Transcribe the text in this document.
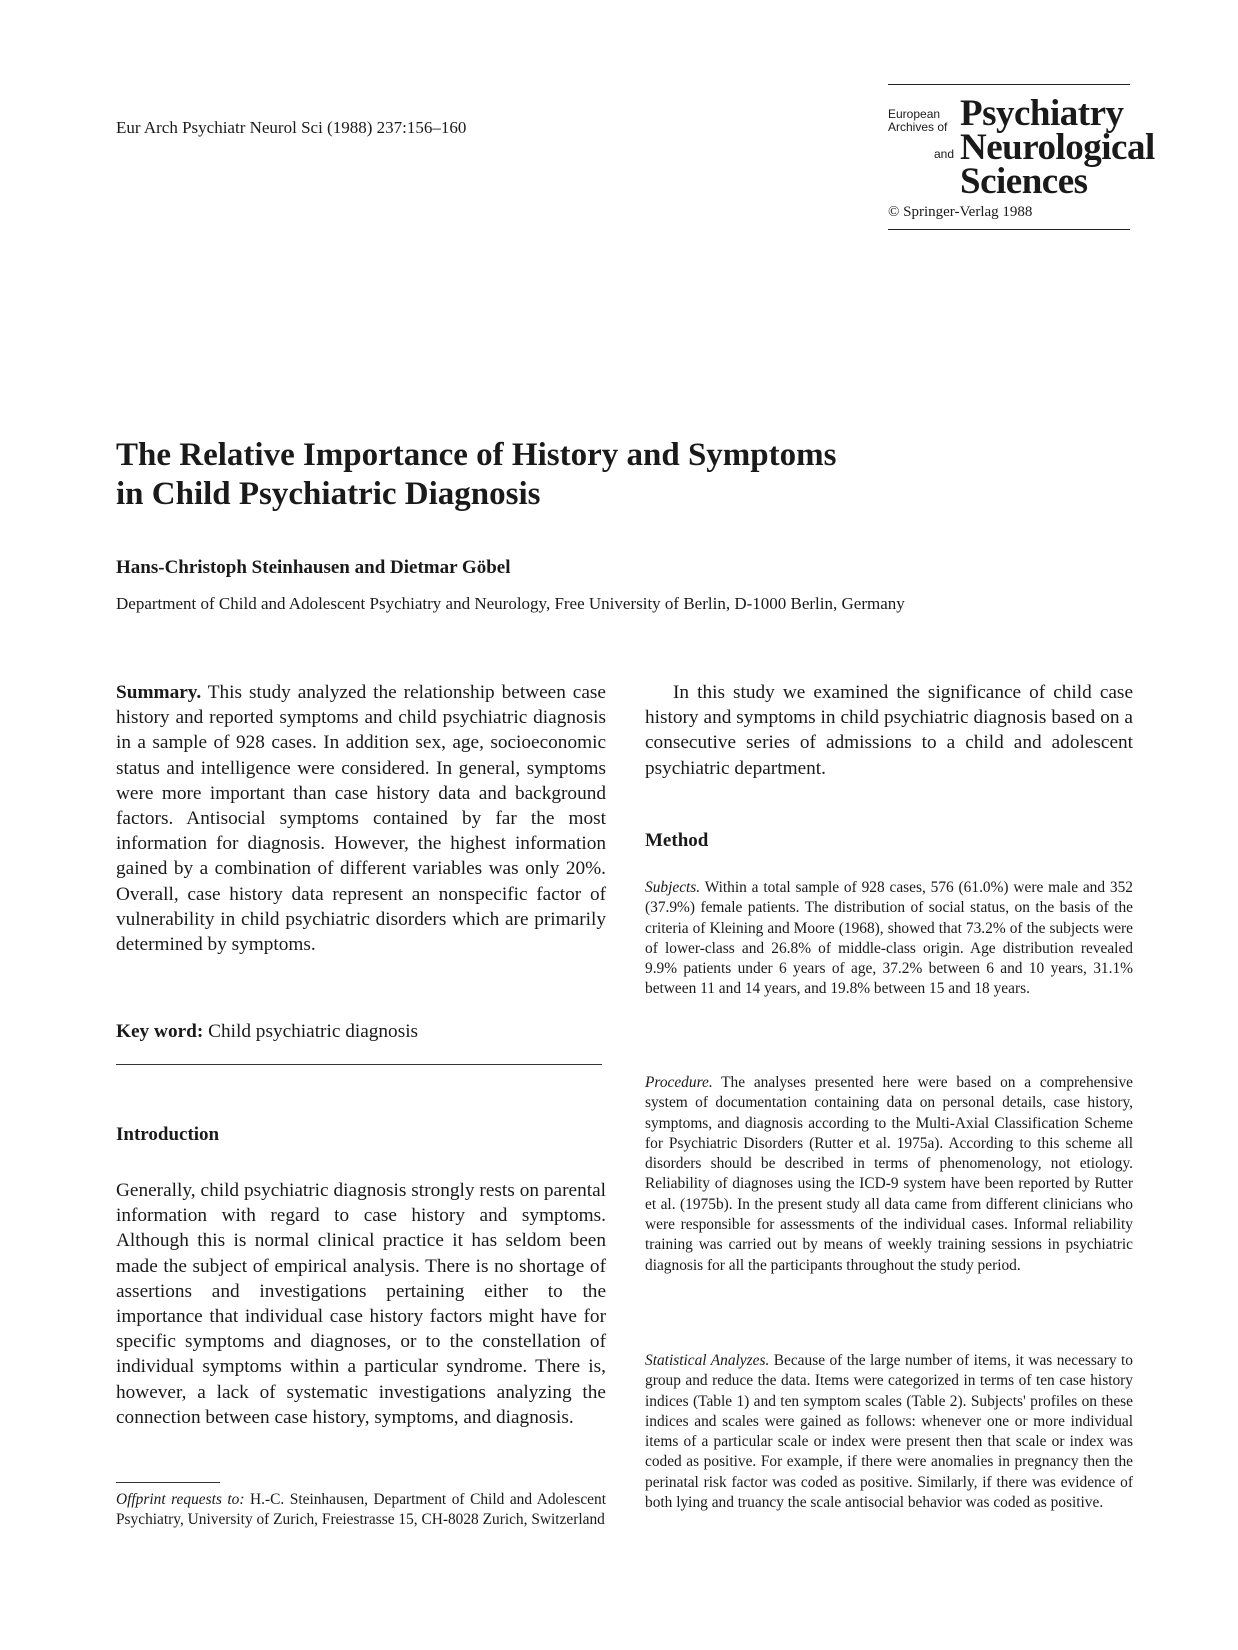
Eur Arch Psychiatr Neurol Sci (1988) 237:156–160
European
Archives of Psychiatry
and Neurological
Sciences
© Springer-Verlag 1988
The Relative Importance of History and Symptoms
in Child Psychiatric Diagnosis
Hans-Christoph Steinhausen and Dietmar Göbel
Department of Child and Adolescent Psychiatry and Neurology, Free University of Berlin, D-1000 Berlin, Germany

Summary. This study analyzed the relationship between case history and reported symptoms and child psychiatric diagnosis in a sample of 928 cases. In addition sex, age, socioeconomic status and intelligence were considered. In general, symptoms were more important than case history data and background factors. Antisocial symptoms contained by far the most information for diagnosis. However, the highest information gained by a combination of different variables was only 20%. Overall, case history data represent an nonspecific factor of vulnerability in child psychiatric disorders which are primarily determined by symptoms.

Key word: Child psychiatric diagnosis

Introduction
Generally, child psychiatric diagnosis strongly rests on parental information with regard to case history and symptoms. Although this is normal clinical practice it has seldom been made the subject of empirical analysis. There is no shortage of assertions and investigations pertaining either to the importance that individual case history factors might have for specific symptoms and diagnoses, or to the constellation of individual symptoms within a particular syndrome. There is, however, a lack of systematic investigations analyzing the connection between case history, symptoms, and diagnosis.

Offprint requests to: H.-C. Steinhausen, Department of Child and Adolescent Psychiatry, University of Zurich, Freiestrasse 15, CH-8028 Zurich, Switzerland

In this study we examined the significance of child case history and symptoms in child psychiatric diagnosis based on a consecutive series of admissions to a child and adolescent psychiatric department.
Method

Subjects. Within a total sample of 928 cases, 576 (61.0%) were male and 352 (37.9%) female patients. The distribution of social status, on the basis of the criteria of Kleining and Moore (1968), showed that 73.2% of the subjects were of lower-class and 26.8% of middle-class origin. Age distribution revealed 9.9% patients under 6 years of age, 37.2% between 6 and 10 years, 31.1% between 11 and 14 years, and 19.8% between 15 and 18 years.

Procedure. The analyses presented here were based on a comprehensive system of documentation containing data on personal details, case history, symptoms, and diagnosis according to the Multi-Axial Classification Scheme for Psychiatric Disorders (Rutter et al. 1975a). According to this scheme all disorders should be described in terms of phenomenology, not etiology. Reliability of diagnoses using the ICD-9 system have been reported by Rutter et al. (1975b). In the present study all data came from different clinicians who were responsible for assessments of the individual cases. Informal reliability training was carried out by means of weekly training sessions in psychiatric diagnosis for all the participants throughout the study period.

Statistical Analyzes. Because of the large number of items, it was necessary to group and reduce the data. Items were categorized in terms of ten case history indices (Table 1) and ten symptom scales (Table 2). Subjects' profiles on these indices and scales were gained as follows: whenever one or more individual items of a particular scale or index were present then that scale or index was coded as positive. For example, if there were anomalies in pregnancy then the perinatal risk factor was coded as positive. Similarly, if there was evidence of both lying and truancy the scale antisocial behavior was coded as positive.
